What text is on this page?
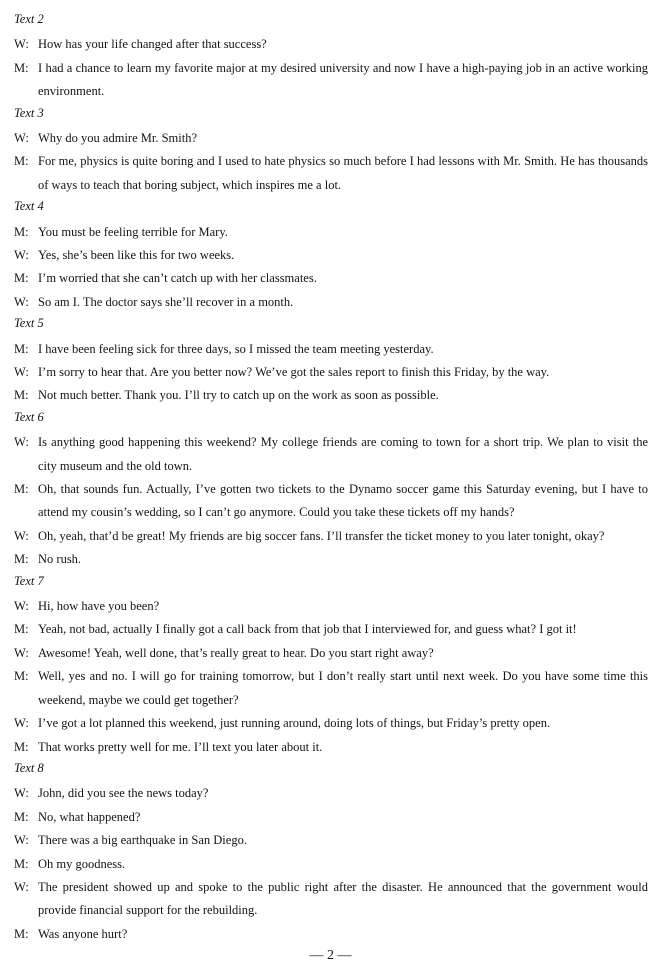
Text 2
W: How has your life changed after that success?
M: I had a chance to learn my favorite major at my desired university and now I have a high-paying job in an active working environment.
Text 3
W: Why do you admire Mr. Smith?
M: For me, physics is quite boring and I used to hate physics so much before I had lessons with Mr. Smith. He has thousands of ways to teach that boring subject, which inspires me a lot.
Text 4
M: You must be feeling terrible for Mary.
W: Yes, she’s been like this for two weeks.
M: I’m worried that she can’t catch up with her classmates.
W: So am I. The doctor says she’ll recover in a month.
Text 5
M: I have been feeling sick for three days, so I missed the team meeting yesterday.
W: I’m sorry to hear that. Are you better now? We’ve got the sales report to finish this Friday, by the way.
M: Not much better. Thank you. I’ll try to catch up on the work as soon as possible.
Text 6
W: Is anything good happening this weekend? My college friends are coming to town for a short trip. We plan to visit the city museum and the old town.
M: Oh, that sounds fun. Actually, I’ve gotten two tickets to the Dynamo soccer game this Saturday evening, but I have to attend my cousin’s wedding, so I can’t go anymore. Could you take these tickets off my hands?
W: Oh, yeah, that’d be great! My friends are big soccer fans. I’ll transfer the ticket money to you later tonight, okay?
M: No rush.
Text 7
W: Hi, how have you been?
M: Yeah, not bad, actually I finally got a call back from that job that I interviewed for, and guess what? I got it!
W: Awesome! Yeah, well done, that’s really great to hear. Do you start right away?
M: Well, yes and no. I will go for training tomorrow, but I don’t really start until next week. Do you have some time this weekend, maybe we could get together?
W: I’ve got a lot planned this weekend, just running around, doing lots of things, but Friday’s pretty open.
M: That works pretty well for me. I’ll text you later about it.
Text 8
W: John, did you see the news today?
M: No, what happened?
W: There was a big earthquake in San Diego.
M: Oh my goodness.
W: The president showed up and spoke to the public right after the disaster. He announced that the government would provide financial support for the rebuilding.
M: Was anyone hurt?
— 2 —
